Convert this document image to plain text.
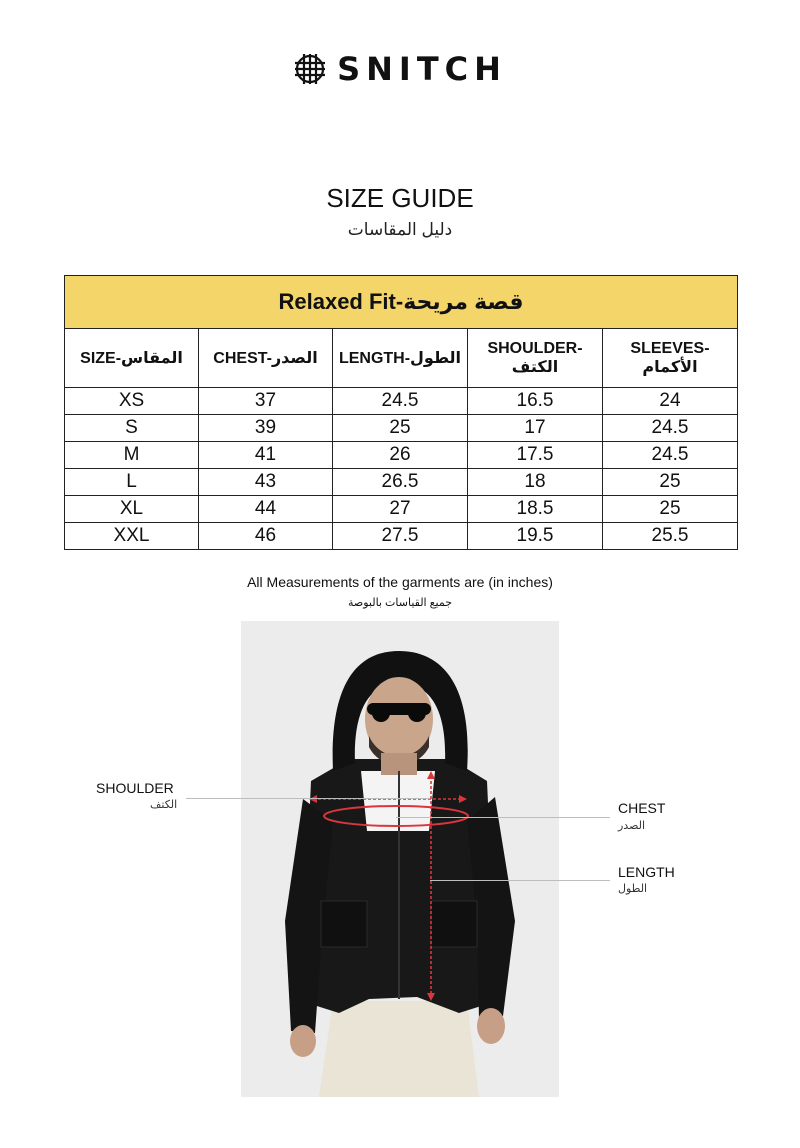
SNITCH
SIZE GUIDE
دليل المقاسات
Relaxed Fit-قصة مريحة				
SIZE-المقاس	CHEST-الصدر	LENGTH-الطول	SHOULDER-
الكتف	SLEEVES-
الأكمام
XS	37	24.5	16.5	24
S	39	25	17	24.5
M	41	26	17.5	24.5
L	43	26.5	18	25
XL	44	27	18.5	25
XXL	46	27.5	19.5	25.5
All Measurements of the garments are (in inches)
جميع القياسات بالبوصة
SHOULDER
الكتف	CHEST
الصدر
LENGTH
الطول
